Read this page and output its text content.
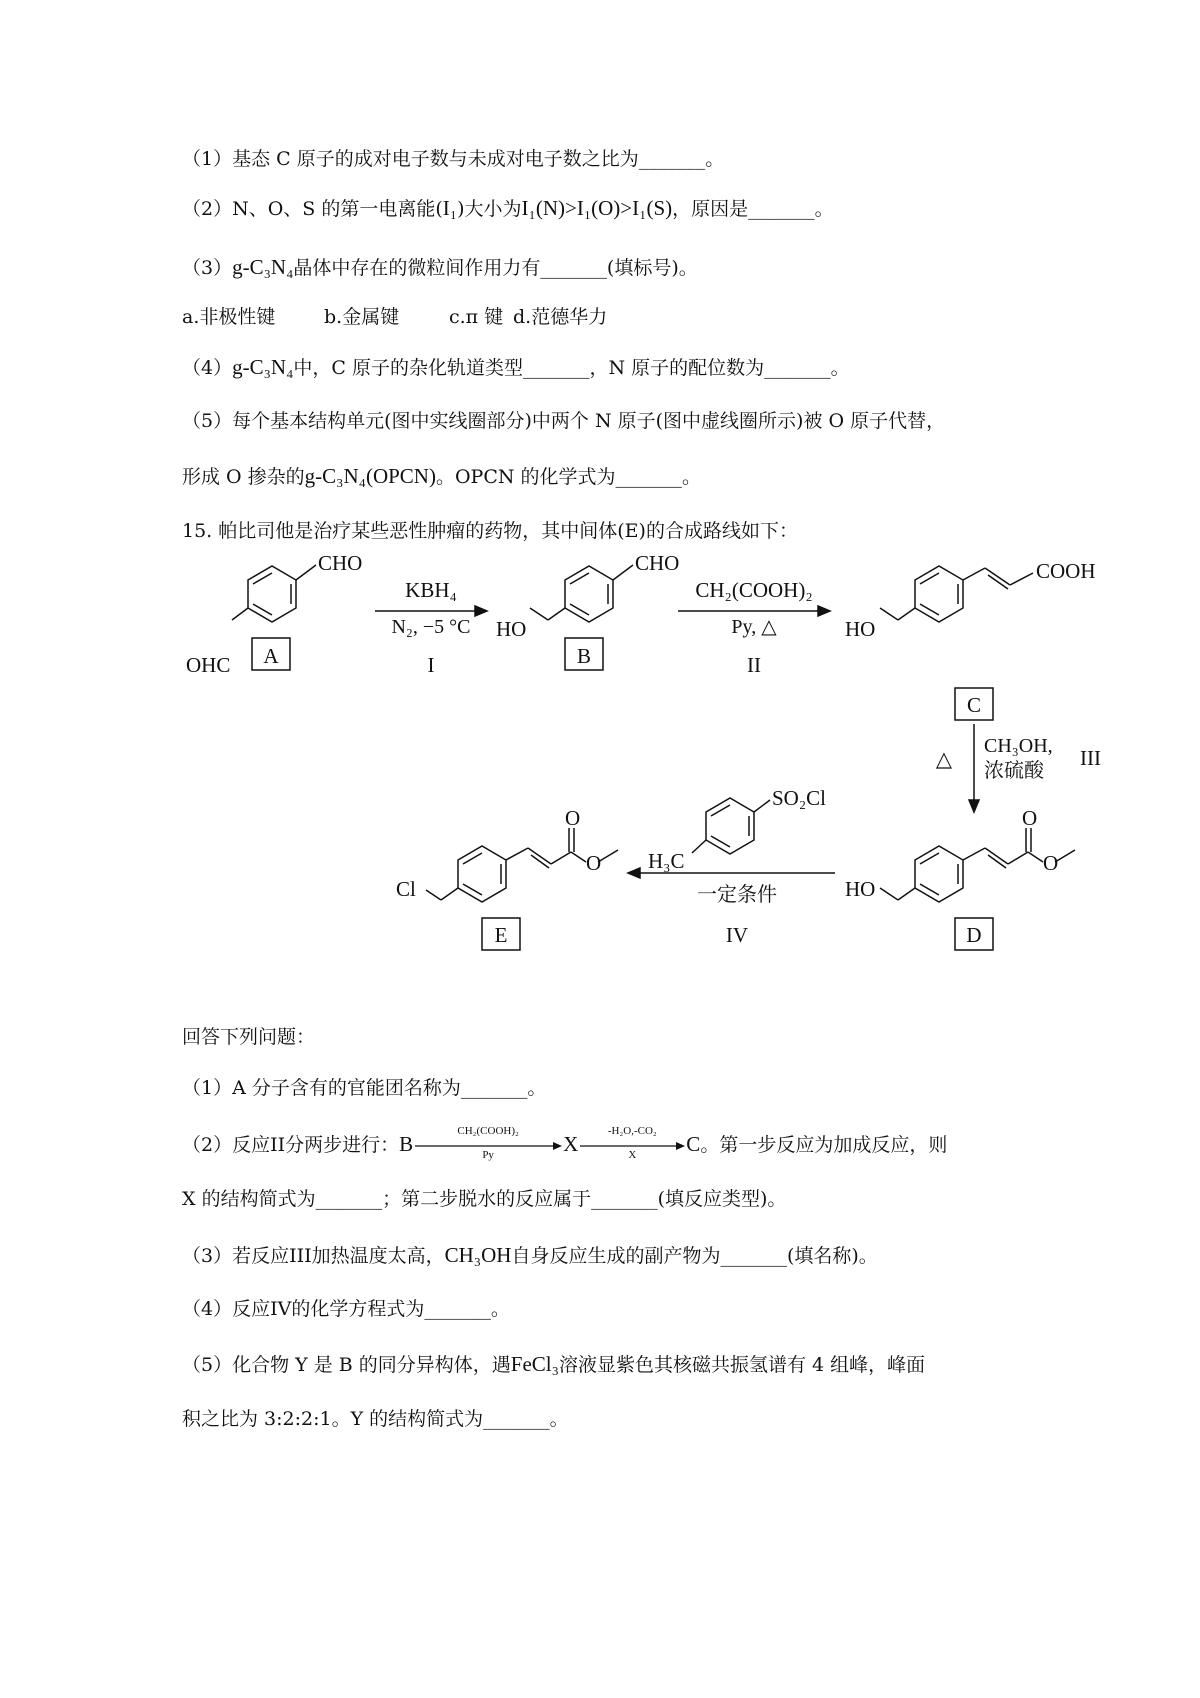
（1）基态 C 原子的成对电子数与未成对电子数之比为_______。
（2）N、O、S 的第一电离能(I₁)大小为I₁(N)>I₁(O)>I₁(S)，原因是_______。
（3）g-C₃N₄晶体中存在的微粒间作用力有_______(填标号)。
a.非极性键	b.金属键	c.π 键 d.范德华力
（4）g-C₃N₄中，C 原子的杂化轨道类型_______，N 原子的配位数为_______。
（5）每个基本结构单元(图中实线圈部分)中两个 N 原子(图中虚线圈所示)被 O 原子代替，
形成 O 掺杂的g-C₃N₄(OPCN)。OPCN 的化学式为_______。
15. 帕比司他是治疗某些恶性肿瘤的药物，其中间体(E)的合成路线如下：
CHO
OHC A
KBH₄
N₂, −5 °C
I
CHO
HO
B
CH₂(COOH)₂
Py, △
II
COOH
HO
C
△
CH₃OH,
浓硫酸 III
SO₂Cl
H₃C
一定条件
IV
O
O
HO
D
O
O
Cl
E
回答下列问题：
（1）A 分子含有的官能团名称为_______。
（2）反应II分两步进行：B
CH₂(COOH)₂
Py	X
-H₂O,-CO₂
X	C。第一步反应为加成反应，则
X 的结构简式为_______；第二步脱水的反应属于_______(填反应类型)。
（3）若反应III加热温度太高，CH₃OH自身反应生成的副产物为_______(填名称)。
（4）反应IV的化学方程式为_______。
（5）化合物 Y 是 B 的同分异构体，遇FeCl₃溶液显紫色其核磁共振氢谱有 4 组峰，峰面
积之比为 3:2:2:1。Y 的结构简式为_______。
